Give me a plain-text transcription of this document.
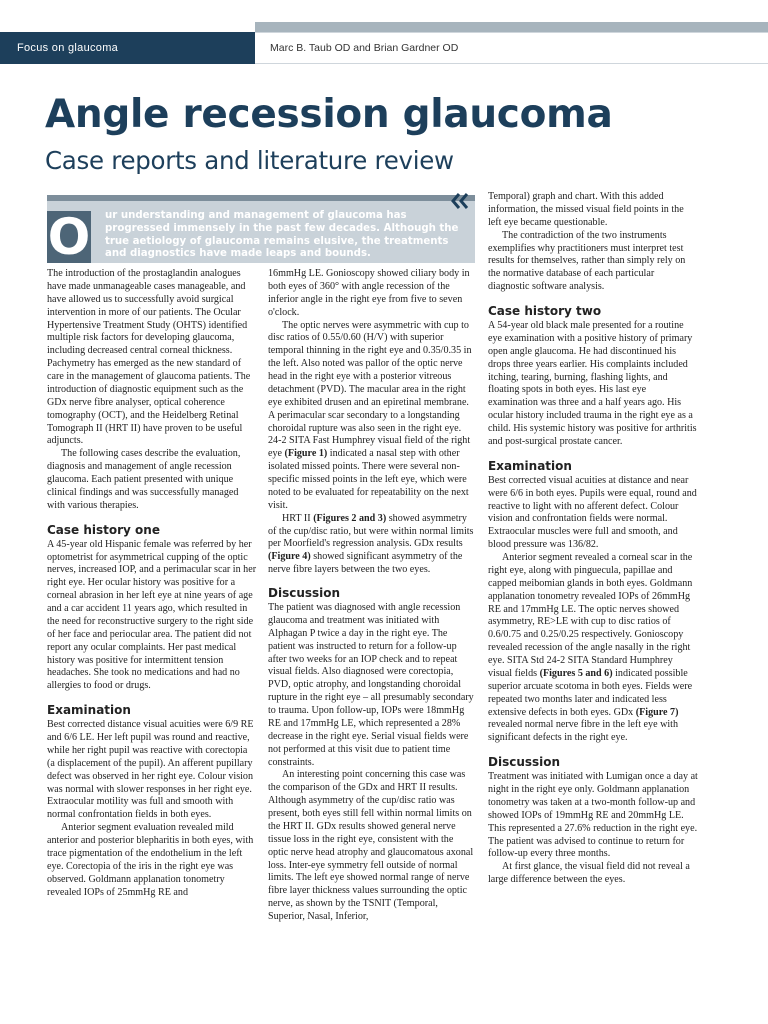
Focus on glaucoma	Marc B. Taub OD and Brian Gardner OD
Angle recession glaucoma
Case reports and literature review
O ur understanding and management of glaucoma has progressed immensely in the past few decades. Although the true aetiology of glaucoma remains elusive, the treatments and diagnostics have made leaps and bounds.

The introduction of the prostaglandin analogues have made unmanageable cases manageable, and have allowed us to successfully avoid surgical intervention in more of our patients. The Ocular Hypertensive Treatment Study (OHTS) identified multiple risk factors for developing glaucoma, including decreased central corneal thickness. Pachymetry has emerged as the new standard of care in the management of glaucoma patients. The introduction of diagnostic equipment such as the GDx nerve fibre analyser, optical coherence tomography (OCT), and the Heidelberg Retinal Tomograph II (HRT II) have proven to be useful adjuncts.

The following cases describe the evaluation, diagnosis and management of angle recession glaucoma. Each patient presented with unique clinical findings and was successfully managed with various therapies.

Case history one

A 45-year old Hispanic female was referred by her optometrist for asymmetrical cupping of the optic nerves, increased IOP, and a perimacular scar in her right eye. Her ocular history was positive for a corneal abrasion in her left eye at nine years of age and a car accident 11 years ago, which resulted in the need for reconstructive surgery to the right side of her face and periocular area. The patient did not report any ocular complaints. Her past medical history was positive for intermittent tension headaches. She took no medications and had no allergies to food or drugs.

Examination

Best corrected distance visual acuities were 6/9 RE and 6/6 LE. Her left pupil was round and reactive, while her right pupil was reactive with corectopia (a displacement of the pupil). An afferent pupillary defect was observed in her right eye. Colour vision was normal with slower responses in her right eye. Extraocular motility was full and smooth with normal confrontation fields in both eyes.

Anterior segment evaluation revealed mild anterior and posterior blepharitis in both eyes, with trace pigmentation of the endothelium in the left eye. Corectopia of the iris in the right eye was observed. Goldmann applanation tonometry revealed IOPs of 25mmHg RE and

16mmHg LE. Gonioscopy showed ciliary body in both eyes of 360° with angle recession of the inferior angle in the right eye from five to seven o'clock.

The optic nerves were asymmetric with cup to disc ratios of 0.55/0.60 (H/V) with superior temporal thinning in the right eye and 0.35/0.35 in the left. Also noted was pallor of the optic nerve head in the right eye with a posterior vitreous detachment (PVD). The macular area in the right eye exhibited drusen and an epiretinal membrane. A perimacular scar secondary to a longstanding choroidal rupture was also seen in the right eye. 24-2 SITA Fast Humphrey visual field of the right eye (Figure 1) indicated a nasal step with other isolated missed points. There were several non-specific missed points in the left eye, which were noted to be evaluated for repeatability on the next visit.

HRT II (Figures 2 and 3) showed asymmetry of the cup/disc ratio, but were within normal limits per Moorfield's regression analysis. GDx results (Figure 4) showed significant asymmetry of the nerve fibre layers between the two eyes.

Discussion

The patient was diagnosed with angle recession glaucoma and treatment was initiated with Alphagan P twice a day in the right eye. The patient was instructed to return for a follow-up after two weeks for an IOP check and to repeat visual fields. Also diagnosed were corectopia, PVD, optic atrophy, and longstanding choroidal rupture in the right eye – all presumably secondary to trauma. Upon follow-up, IOPs were 18mmHg RE and 17mmHg LE, which represented a 28% decrease in the right eye. Serial visual fields were not performed at this visit due to patient time constraints.

An interesting point concerning this case was the comparison of the GDx and HRT II results. Although asymmetry of the cup/disc ratio was present, both eyes still fell within normal limits on the HRT II. GDx results showed general nerve tissue loss in the right eye, consistent with the optic nerve head atrophy and glaucomatous axonal loss. Inter-eye symmetry fell outside of normal limits. The left eye showed normal range of nerve fibre layer thickness values surrounding the optic nerve, as shown by the TSNIT (Temporal, Superior, Nasal, Inferior,

Temporal) graph and chart. With this added information, the missed visual field points in the left eye became questionable.

The contradiction of the two instruments exemplifies why practitioners must interpret test results for themselves, rather than simply rely on the normative database of each particular diagnostic software analysis.

Case history two

A 54-year old black male presented for a routine eye examination with a positive history of primary open angle glaucoma. He had discontinued his drops three years earlier. His complaints included itching, tearing, burning, flashing lights, and floating spots in both eyes. His last eye examination was three and a half years ago. His ocular history included trauma in the right eye as a child. His systemic history was positive for arthritis and post-surgical prostate cancer.

Examination

Best corrected visual acuities at distance and near were 6/6 in both eyes. Pupils were equal, round and reactive to light with no afferent defect. Colour vision and confrontation fields were normal. Extraocular muscles were full and smooth, and blood pressure was 136/82.

Anterior segment revealed a corneal scar in the right eye, along with pinguecula, papillae and capped meibomian glands in both eyes. Goldmann applanation tonometry revealed IOPs of 26mmHg RE and 17mmHg LE. The optic nerves showed asymmetry, RE>LE with cup to disc ratios of 0.6/0.75 and 0.25/0.25 respectively. Gonioscopy revealed recession of the angle nasally in the right eye. SITA Std 24-2 SITA Standard Humphrey visual fields (Figures 5 and 6) indicated possible superior arcuate scotoma in both eyes. Fields were repeated two months later and indicated less extensive defects in both eyes. GDx (Figure 7) revealed normal nerve fibre in the left eye with significant defects in the right eye.

Discussion

Treatment was initiated with Lumigan once a day at night in the right eye only. Goldmann applanation tonometry was taken at a two-month follow-up and showed IOPs of 19mmHg RE and 20mmHg LE. This represented a 27.6% reduction in the right eye. The patient was advised to continue to return for follow-up every three months.

At first glance, the visual field did not reveal a large difference between the eyes.
